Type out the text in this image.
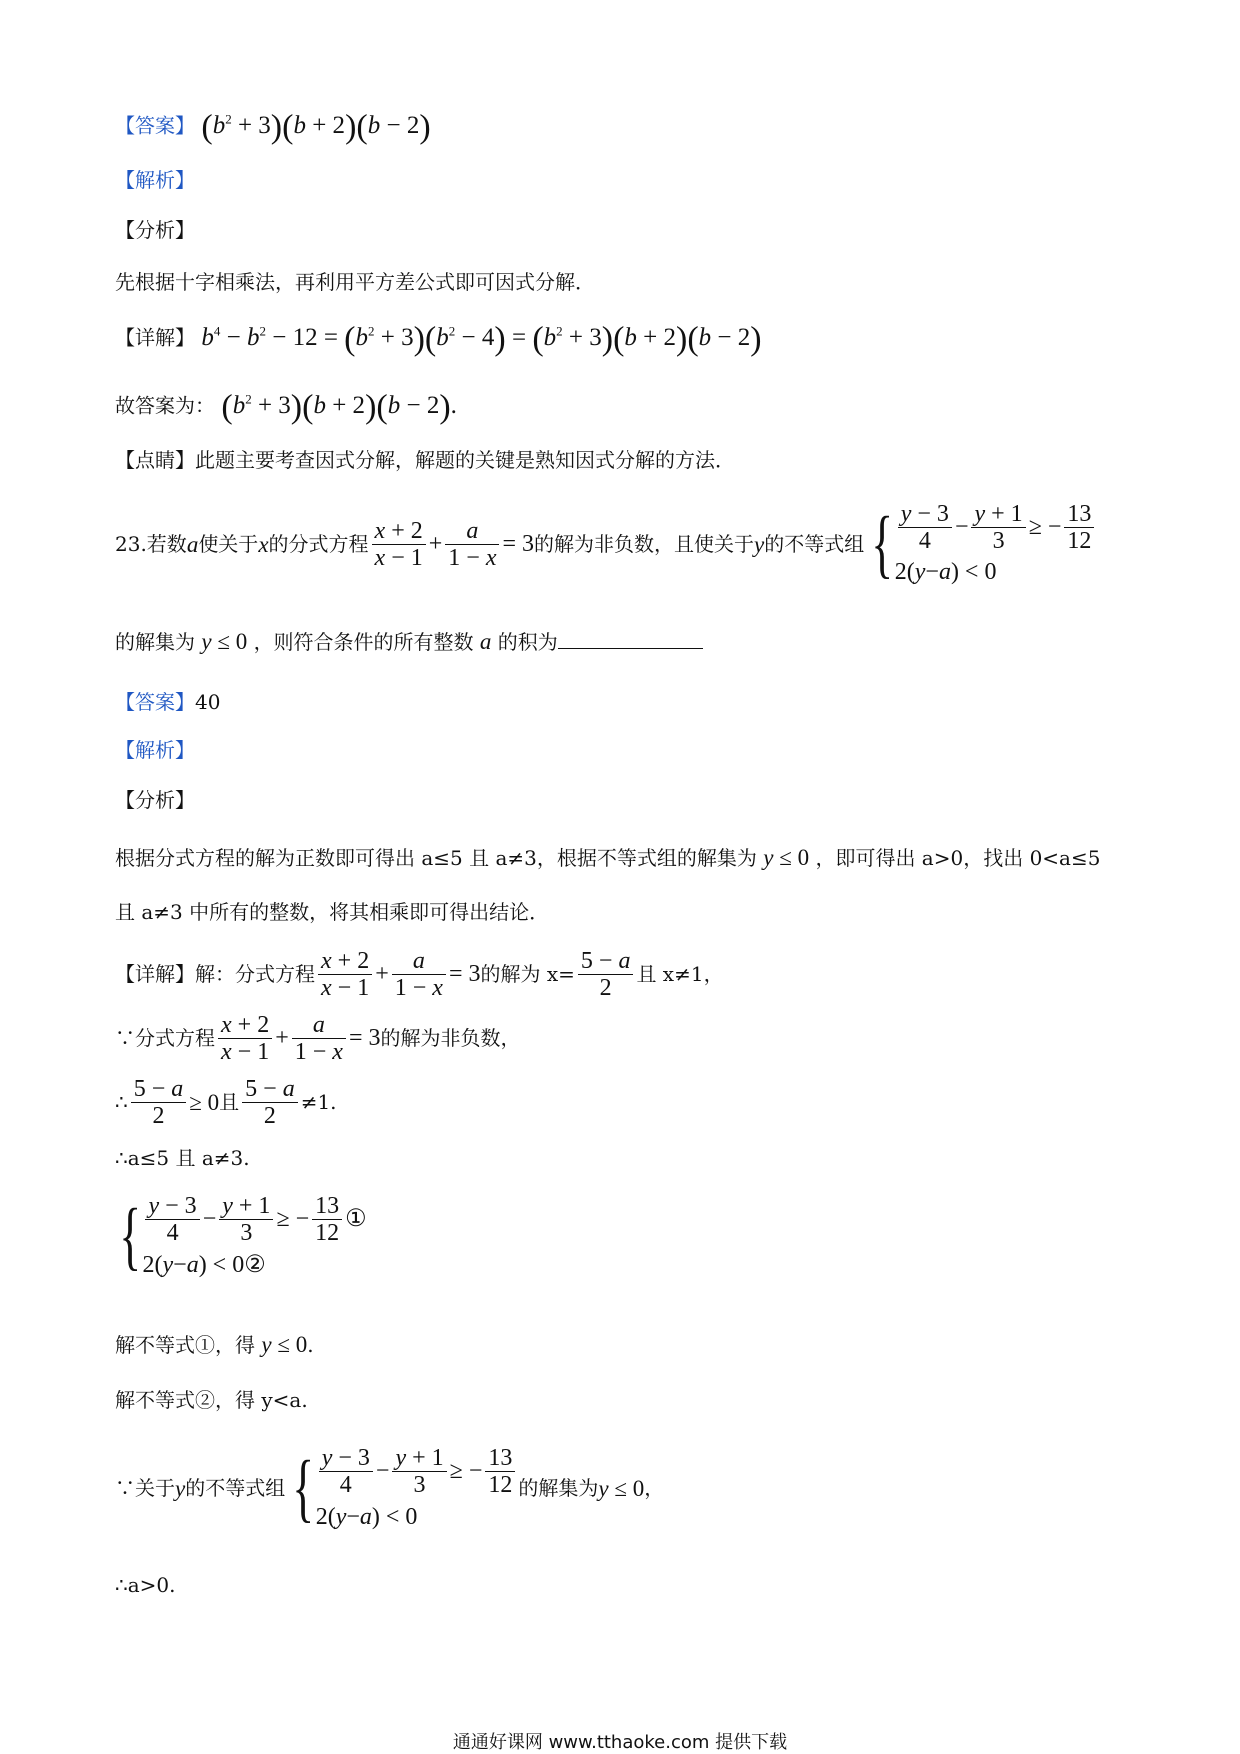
【答案】 $(b^2 + 3)(b + 2)(b - 2)$
【解析】
【分析】
先根据十字相乘法，再利用平方差公式即可因式分解．
【详解】 $b^4 - b^2 - 12 = (b^2 + 3)(b^2 - 4) = (b^2 + 3)(b + 2)(b - 2)$
故答案为： $(b^2 + 3)(b + 2)(b - 2)$.
【点睛】此题主要考查因式分解，解题的关键是熟知因式分解的方法．
23.若数 a 使关于 x 的分式方程 $\frac{x + 2}{x - 1} + \frac{a}{1 - x} = 3$ 的解为非负数，且使关于 y 的不等式组 { $\frac{y - 3}{4} - \frac{y + 1}{3}$ ≥ − $\frac{13}{12}$
2( y − a ) < 0
的解集为 y ≤ 0 ，则符合条件的所有整数 a 的积为
【答案】40
【解析】
【分析】
根据分式方程的解为正数即可得出 a≤5 且 a≠3，根据不等式组的解集为 y ≤ 0 ，即可得出 a>0，找出 0<a≤5
且 a≠3 中所有的整数，将其相乘即可得出结论．
【详解】 解：分式方程 $\frac{x + 2}{x - 1} + \frac{a}{1 - x} = 3$ 的解为 $x= \frac{5 - a}{2}$ 且 x≠1，
∵分式方程 $\frac{x + 2}{x - 1} + \frac{a}{1 - x} = 3$ 的解为非负数，
∴ $\frac{5 - a}{2} \ge 0$ 且 $\frac{5 - a}{2} \ne 1$.
∴a≤5 且 a≠3.
{ $\frac{y - 3}{4} - \frac{y + 1}{3}$ ≥ − $\frac{13}{12}$ ①
2( y − a ) < 0 ②
解不等式①，得 y ≤ 0.
解不等式②，得 y<a.
∵关于 y 的不等式组 { $\frac{y - 3}{4} - \frac{y + 1}{3}$ ≥ − $\frac{13}{12}$
2( y − a ) < 0
的解集为 y ≤ 0 ，
∴a>0.
通通好课网 www.tthaoke.com 提供下载
